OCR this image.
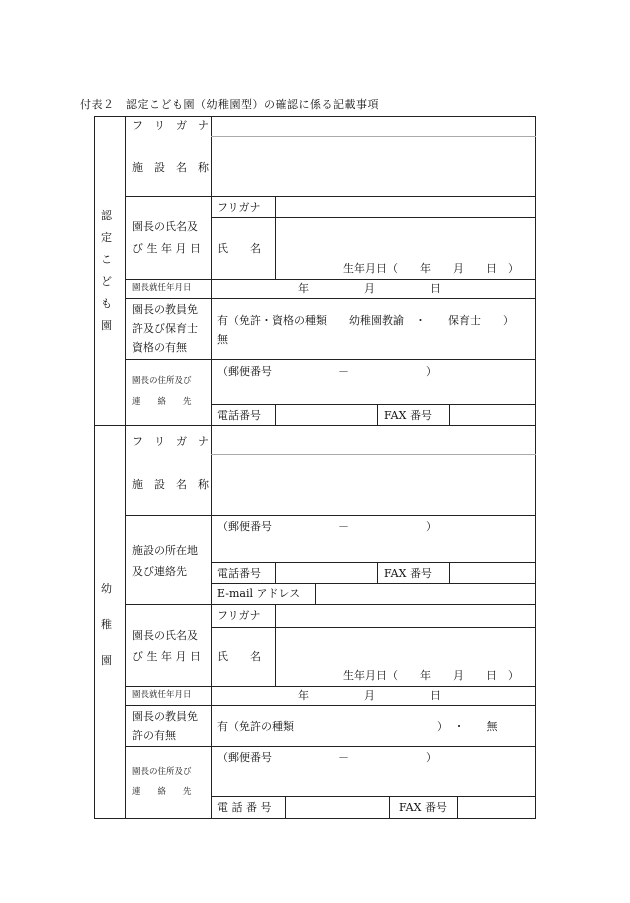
付表２　認定こども園（幼稚園型）の確認に係る記載事項
認
定
こ
ど
も
園
フ　リ　ガ　ナ
施　設　名　称
園長の氏名及
び 生 年 月 日
フリガナ
氏　　名
生年月日（　　年　　月　　日　）
園長就任年月日	年　　　　　月　　　　　日
園長の教員免
許及び保育士
資格の有無
有（免許・資格の種類　　幼稚園教諭　・　　保育士　　）
無
園長の住所及び
連　　絡　　先
（郵便番号　　　　　　－　　　　　　　）
電話番号	FAX 番号
幼
稚
園
フ　リ　ガ　ナ
施　設　名　称
施設の所在地
及び連絡先
（郵便番号　　　　　　－　　　　　　　）
電話番号	FAX 番号
E-mail アドレス
園長の氏名及
び 生 年 月 日
フリガナ
氏　　名
生年月日（　　年　　月　　日　）
園長就任年月日	年　　　　　月　　　　　日
園長の教員免
許の有無
有（免許の種類　　　　　　　　　　　　　）　・　　無
園長の住所及び
連　　絡　　先
（郵便番号　　　　　　－　　　　　　　）
電 話 番 号	FAX 番号
